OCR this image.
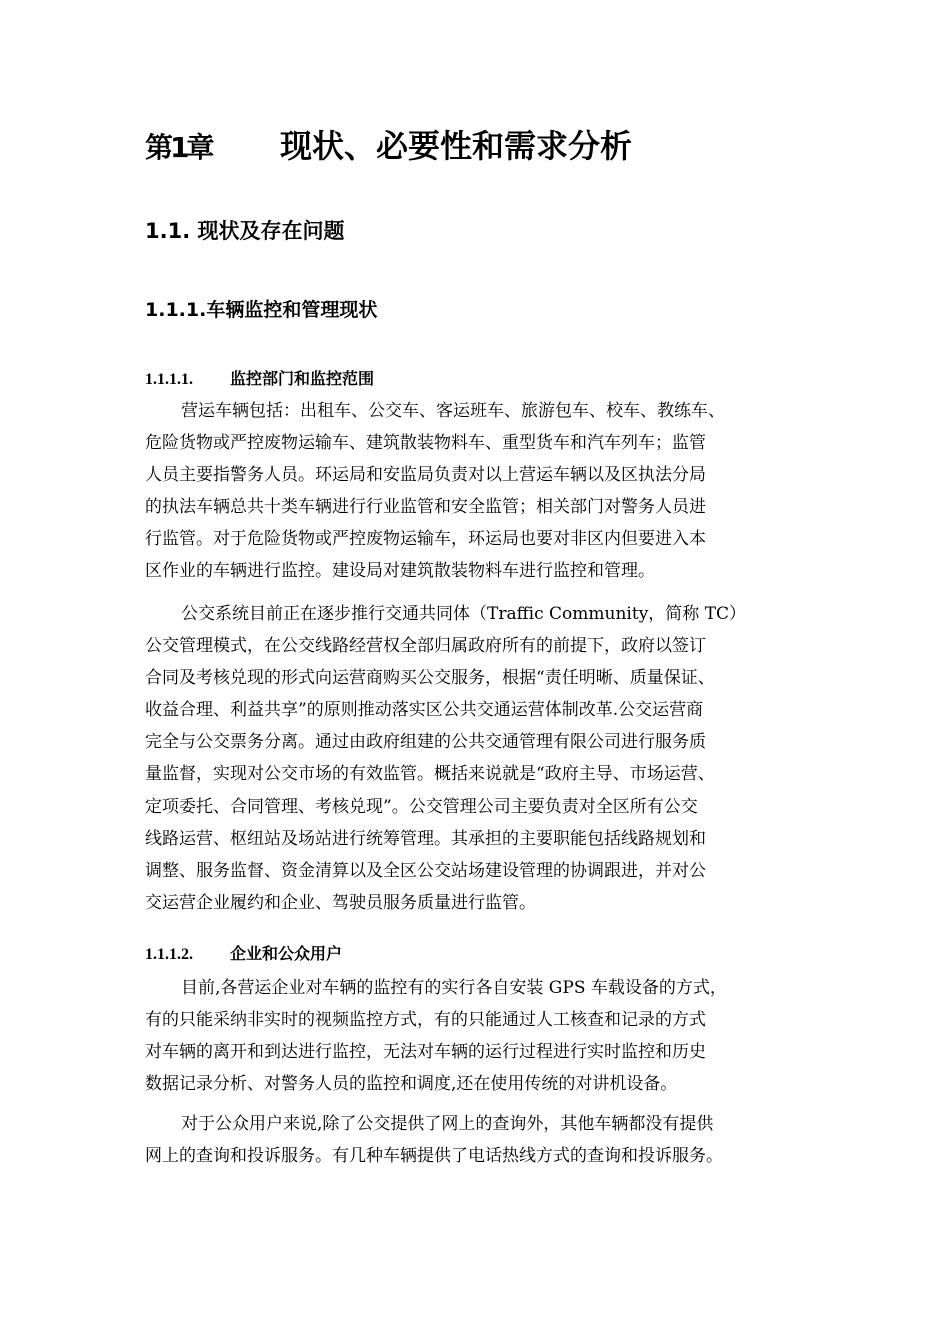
第1章 现状、必要性和需求分析
1.1. 现状及存在问题
1.1.1.车辆监控和管理现状
1.1.1.1. 监控部门和监控范围
营运车辆包括：出租车、公交车、客运班车、旅游包车、校车、教练车、
危险货物或严控废物运输车、建筑散装物料车、重型货车和汽车列车；监管
人员主要指警务人员。环运局和安监局负责对以上营运车辆以及区执法分局
的执法车辆总共十类车辆进行行业监管和安全监管；相关部门对警务人员进
行监管。对于危险货物或严控废物运输车，环运局也要对非区内但要进入本
区作业的车辆进行监控。建设局对建筑散装物料车进行监控和管理。
公交系统目前正在逐步推行交通共同体（Traffic Community，简称 TC）
公交管理模式，在公交线路经营权全部归属政府所有的前提下，政府以签订
合同及考核兑现的形式向运营商购买公交服务，根据“责任明晰、质量保证、
收益合理、利益共享”的原则推动落实区公共交通运营体制改革.公交运营商
完全与公交票务分离。通过由政府组建的公共交通管理有限公司进行服务质
量监督，实现对公交市场的有效监管。概括来说就是“政府主导、市场运营、
定项委托、合同管理、考核兑现”。公交管理公司主要负责对全区所有公交
线路运营、枢纽站及场站进行统筹管理。其承担的主要职能包括线路规划和
调整、服务监督、资金清算以及全区公交站场建设管理的协调跟进，并对公
交运营企业履约和企业、驾驶员服务质量进行监管。
1.1.1.2. 企业和公众用户
目前,各营运企业对车辆的监控有的实行各自安装 GPS 车载设备的方式，
有的只能采纳非实时的视频监控方式，有的只能通过人工核查和记录的方式
对车辆的离开和到达进行监控，无法对车辆的运行过程进行实时监控和历史
数据记录分析、对警务人员的监控和调度,还在使用传统的对讲机设备。
对于公众用户来说,除了公交提供了网上的查询外，其他车辆都没有提供
网上的查询和投诉服务。有几种车辆提供了电话热线方式的查询和投诉服务。
